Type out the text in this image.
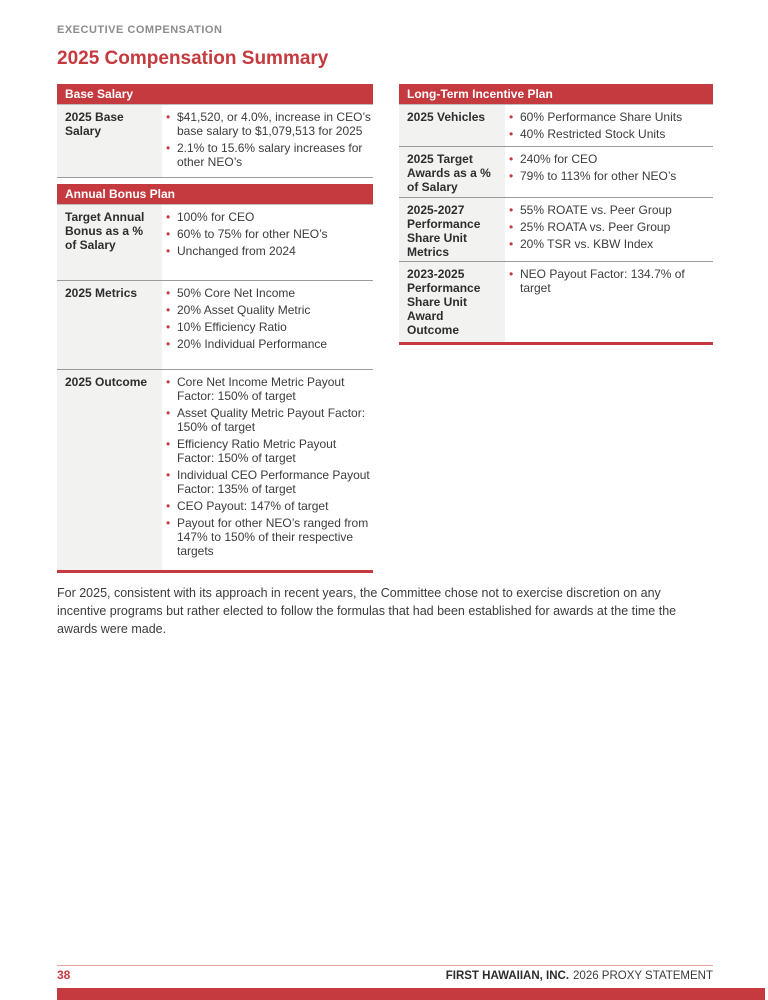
EXECUTIVE COMPENSATION
2025 Compensation Summary
Base Salary
2025 Base Salary
• $41,520, or 4.0%, increase in CEO’s base salary to $1,079,513 for 2025
• 2.1% to 15.6% salary increases for other NEO’s
Annual Bonus Plan
Target Annual Bonus as a % of Salary
• 100% for CEO
• 60% to 75% for other NEO’s
• Unchanged from 2024
2025 Metrics	• 50% Core Net Income
• 20% Asset Quality Metric
• 10% Efficiency Ratio
• 20% Individual Performance
2025 Outcome	• Core Net Income Metric Payout Factor: 150% of target
• Asset Quality Metric Payout Factor: 150% of target
• Efficiency Ratio Metric Payout Factor: 150% of target
• Individual CEO Performance Payout Factor: 135% of target
• CEO Payout: 147% of target
• Payout for other NEO’s ranged from 147% to 150% of their respective targets
Long-Term Incentive Plan
2025 Vehicles	• 60% Performance Share Units
• 40% Restricted Stock Units
2025 Target Awards as a % of Salary
• 240% for CEO
• 79% to 113% for other NEO’s
2025-2027 Performance Share Unit Metrics
• 55% ROATE vs. Peer Group
• 25% ROATA vs. Peer Group
• 20% TSR vs. KBW Index
2023-2025 Performance Share Unit Award Outcome
• NEO Payout Factor: 134.7% of target

For 2025, consistent with its approach in recent years, the Committee chose not to exercise discretion on any incentive programs but rather elected to follow the formulas that had been established for awards at the time the awards were made.

38	FIRST HAWAIIAN, INC. 2026 PROXY STATEMENT
